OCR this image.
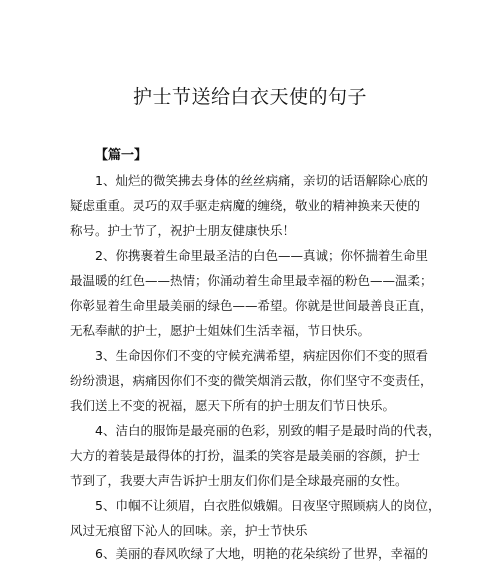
护士节送给白衣天使的句子
【篇一】
1、灿烂的微笑拂去身体的丝丝病痛，亲切的话语解除心底的
疑虑重重。灵巧的双手驱走病魔的缠绕，敬业的精神换来天使的
称号。护士节了，祝护士朋友健康快乐！
2、你携裹着生命里最圣洁的白色——真诚；你怀揣着生命里
最温暖的红色——热情；你涌动着生命里最幸福的粉色——温柔；
你彰显着生命里最美丽的绿色——希望。你就是世间最善良正直，
无私奉献的护士，愿护士姐妹们生活幸福，节日快乐。
3、生命因你们不变的守候充满希望，病症因你们不变的照看
纷纷溃退，病痛因你们不变的微笑烟消云散，你们坚守不变责任，
我们送上不变的祝福，愿天下所有的护士朋友们节日快乐。
4、洁白的服饰是最亮丽的色彩，别致的帽子是最时尚的代表，
大方的着装是最得体的打扮，温柔的笑容是最美丽的容颜，护士
节到了，我要大声告诉护士朋友们你们是全球最亮丽的女性。
5、巾帼不让须眉，白衣胜似娥媚。日夜坚守照顾病人的岗位，
风过无痕留下沁人的回味。亲，护士节快乐
6、美丽的春风吹绿了大地，明艳的花朵缤纷了世界，幸福的
